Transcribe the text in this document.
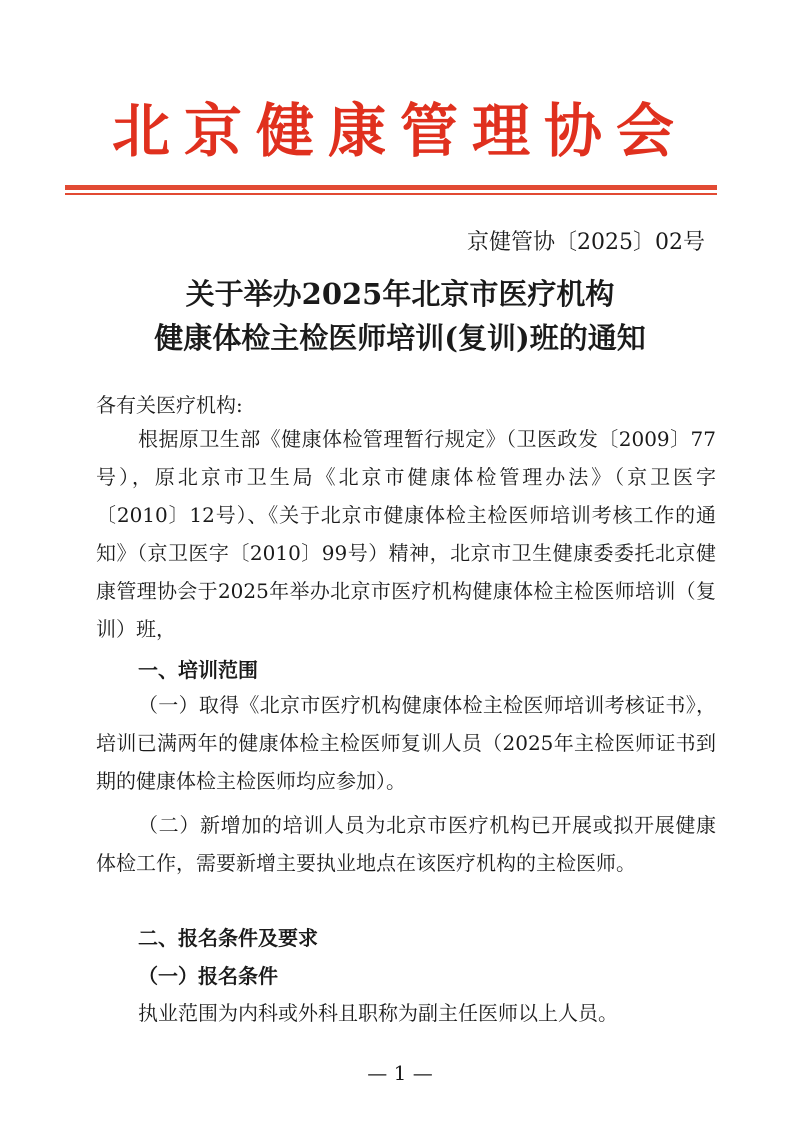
北京健康管理协会
京健管协〔2025〕02号
关于举办2025年北京市医疗机构
健康体检主检医师培训(复训)班的通知
各有关医疗机构:
根据原卫生部《健康体检管理暂行规定》（卫医政发〔2009〕77号），原北京市卫生局《北京市健康体检管理办法》（京卫医字〔2010〕12号）、《关于北京市健康体检主检医师培训考核工作的通知》（京卫医字〔2010〕99号）精神，北京市卫生健康委委托北京健康管理协会于2025年举办北京市医疗机构健康体检主检医师培训（复训）班，
一、培训范围
（一）取得《北京市医疗机构健康体检主检医师培训考核证书》，培训已满两年的健康体检主检医师复训人员（2025年主检医师证书到期的健康体检主检医师均应参加）。
（二）新增加的培训人员为北京市医疗机构已开展或拟开展健康体检工作，需要新增主要执业地点在该医疗机构的主检医师。
二、报名条件及要求
（一）报名条件
执业范围为内科或外科且职称为副主任医师以上人员。
— 1 —
